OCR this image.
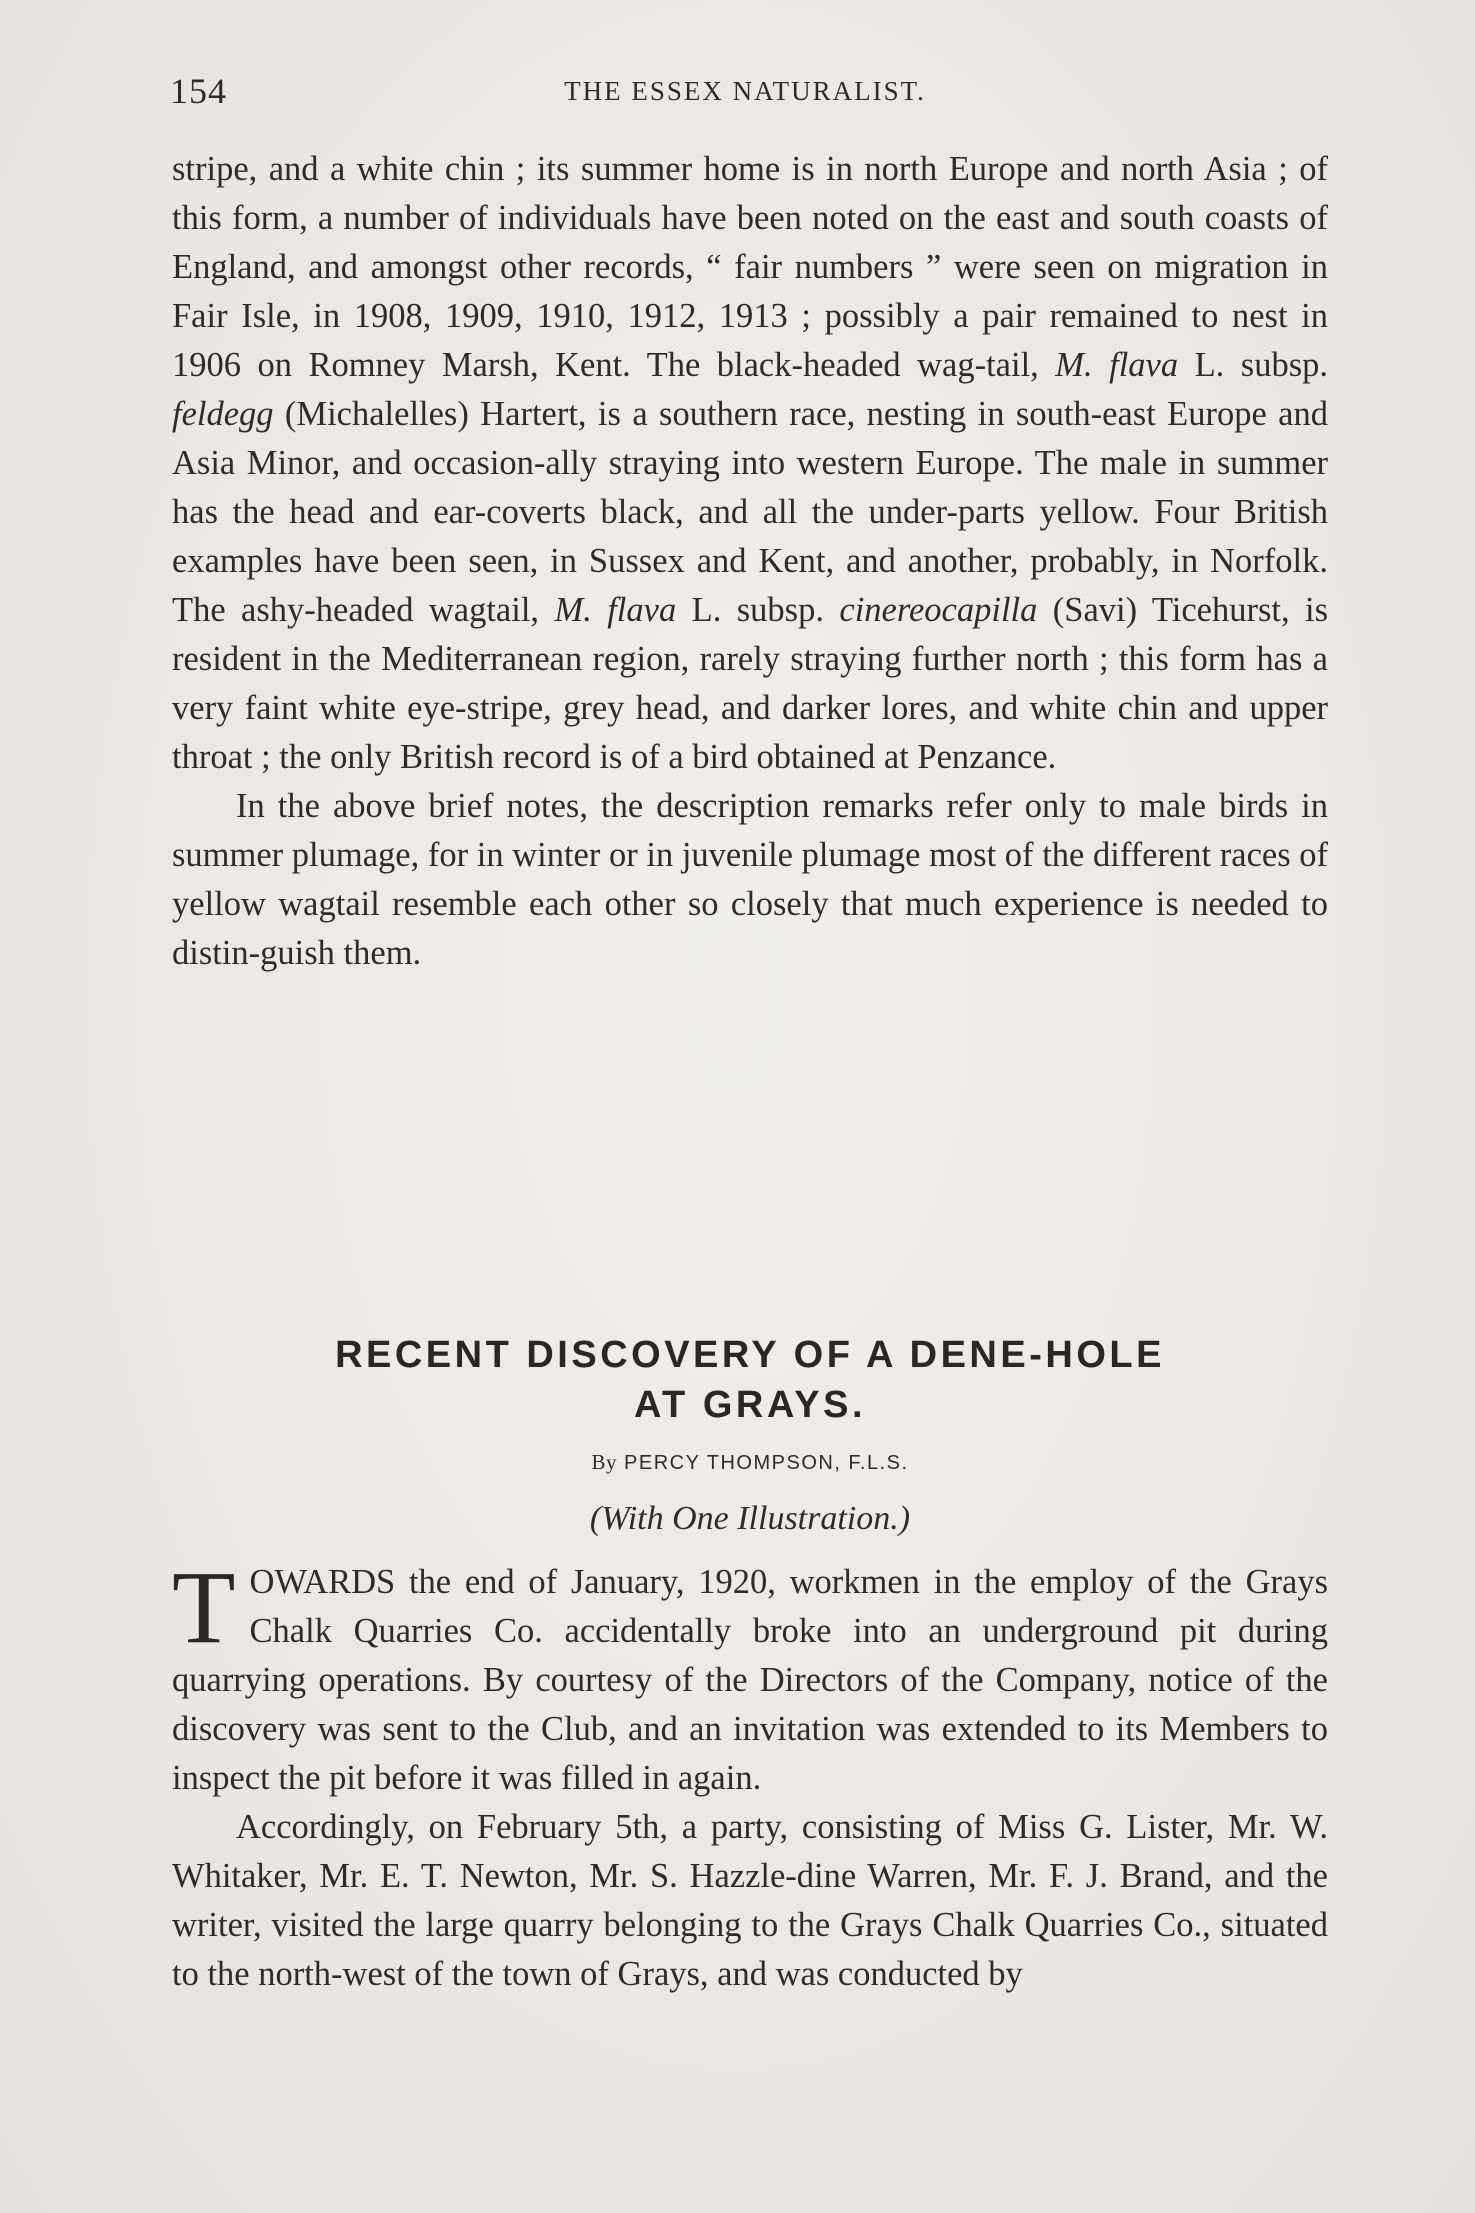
154	THE ESSEX NATURALIST.

stripe, and a white chin ; its summer home is in north Europe and north Asia ; of this form, a number of individuals have been noted on the east and south coasts of England, and amongst other records, “ fair numbers ” were seen on migration in Fair Isle, in 1908, 1909, 1910, 1912, 1913 ; possibly a pair remained to nest in 1906 on Romney Marsh, Kent. The black-headed wag-tail, M. flava L. subsp. feldegg (Michalelles) Hartert, is a southern race, nesting in south-east Europe and Asia Minor, and occasion-ally straying into western Europe. The male in summer has the head and ear-coverts black, and all the under-parts yellow. Four British examples have been seen, in Sussex and Kent, and another, probably, in Norfolk. The ashy-headed wagtail, M. flava L. subsp. cinereocapilla (Savi) Ticehurst, is resident in the Mediterranean region, rarely straying further north ; this form has a very faint white eye-stripe, grey head, and darker lores, and white chin and upper throat ; the only British record is of a bird obtained at Penzance.

In the above brief notes, the description remarks refer only to male birds in summer plumage, for in winter or in juvenile plumage most of the different races of yellow wagtail resemble each other so closely that much experience is needed to distin-guish them.

RECENT DISCOVERY OF A DENE-HOLE
AT GRAYS.
By PERCY THOMPSON, F.L.S.
(With One Illustration.)

TOWARDS the end of January, 1920, workmen in the employ of the Grays Chalk Quarries Co. accidentally broke into an underground pit during quarrying operations. By courtesy of the Directors of the Company, notice of the discovery was sent to the Club, and an invitation was extended to its Members to inspect the pit before it was filled in again.

Accordingly, on February 5th, a party, consisting of Miss G. Lister, Mr. W. Whitaker, Mr. E. T. Newton, Mr. S. Hazzle-dine Warren, Mr. F. J. Brand, and the writer, visited the large quarry belonging to the Grays Chalk Quarries Co., situated to the north-west of the town of Grays, and was conducted by
